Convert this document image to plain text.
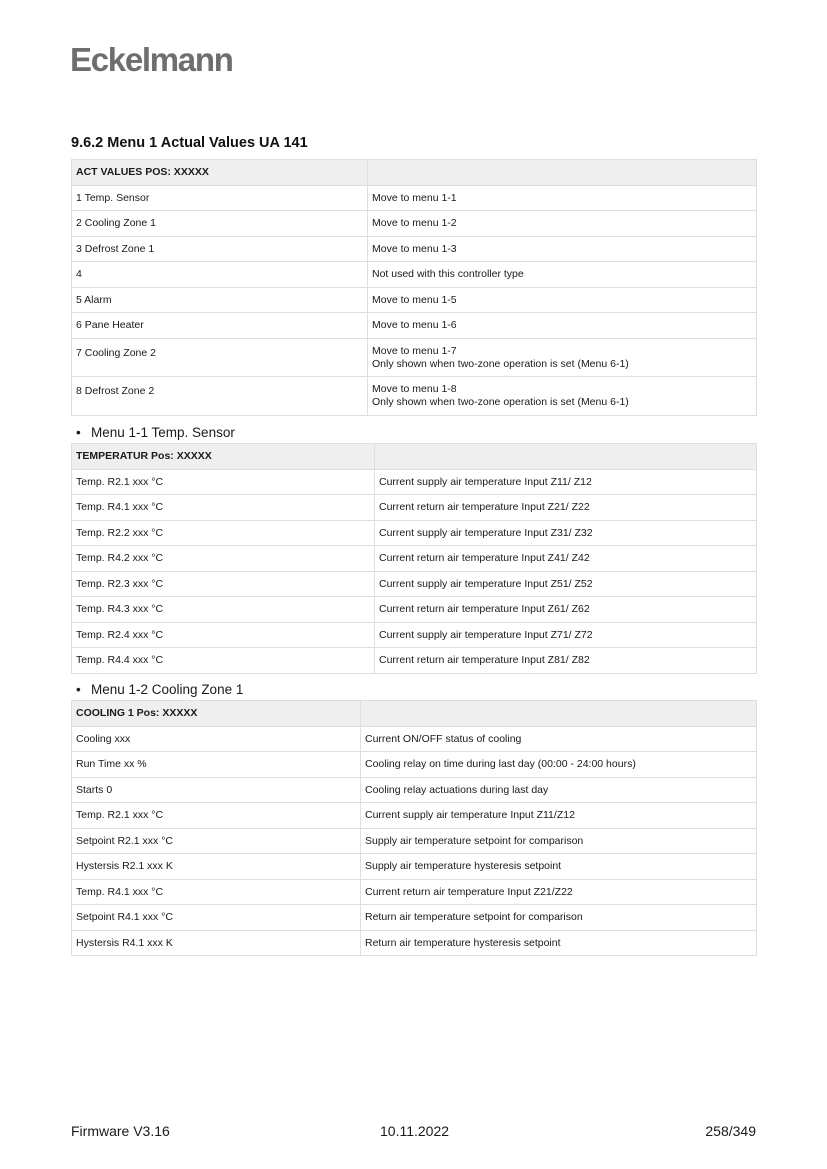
Eckelmann
9.6.2 Menu 1 Actual Values UA 141
ACT VALUES POS: XXXXX	
1 Temp. Sensor	Move to menu 1-1

2 Cooling Zone 1	Move to menu 1-2

3 Defrost Zone 1	Move to menu 1-3

4	Not used with this controller type

5 Alarm	Move to menu 1-5

6 Pane Heater	Move to menu 1-6

7 Cooling Zone 2	Move to menu 1-7
Only shown when two-zone operation is set (Menu 6-1)

8 Defrost Zone 2	Move to menu 1-8
Only shown when two-zone operation is set (Menu 6-1)

• Menu 1-1 Temp. Sensor

TEMPERATUR Pos: XXXXX	
Temp. R2.1 xxx °C	Current supply air temperature Input Z11/ Z12
Temp. R4.1 xxx °C	Current return air temperature Input Z21/ Z22
Temp. R2.2 xxx °C	Current supply air temperature Input Z31/ Z32
Temp. R4.2 xxx °C	Current return air temperature Input Z41/ Z42
Temp. R2.3 xxx °C	Current supply air temperature Input Z51/ Z52
Temp. R4.3 xxx °C	Current return air temperature Input Z61/ Z62
Temp. R2.4 xxx °C	Current supply air temperature Input Z71/ Z72
Temp. R4.4 xxx °C	Current return air temperature Input Z81/ Z82

• Menu 1-2 Cooling Zone 1

COOLING 1 Pos: XXXXX	
Cooling xxx	Current ON/OFF status of cooling
Run Time xx %	Cooling relay on time during last day (00:00 - 24:00 hours)
Starts 0	Cooling relay actuations during last day
Temp. R2.1 xxx °C	Current supply air temperature Input Z11/Z12
Setpoint R2.1 xxx °C	Supply air temperature setpoint for comparison
Hystersis R2.1 xxx K	Supply air temperature hysteresis setpoint
Temp. R4.1 xxx °C	Current return air temperature Input Z21/Z22
Setpoint R4.1 xxx °C	Return air temperature setpoint for comparison
Hystersis R4.1 xxx K	Return air temperature hysteresis setpoint

Firmware V3.16	10.11.2022	258/349
